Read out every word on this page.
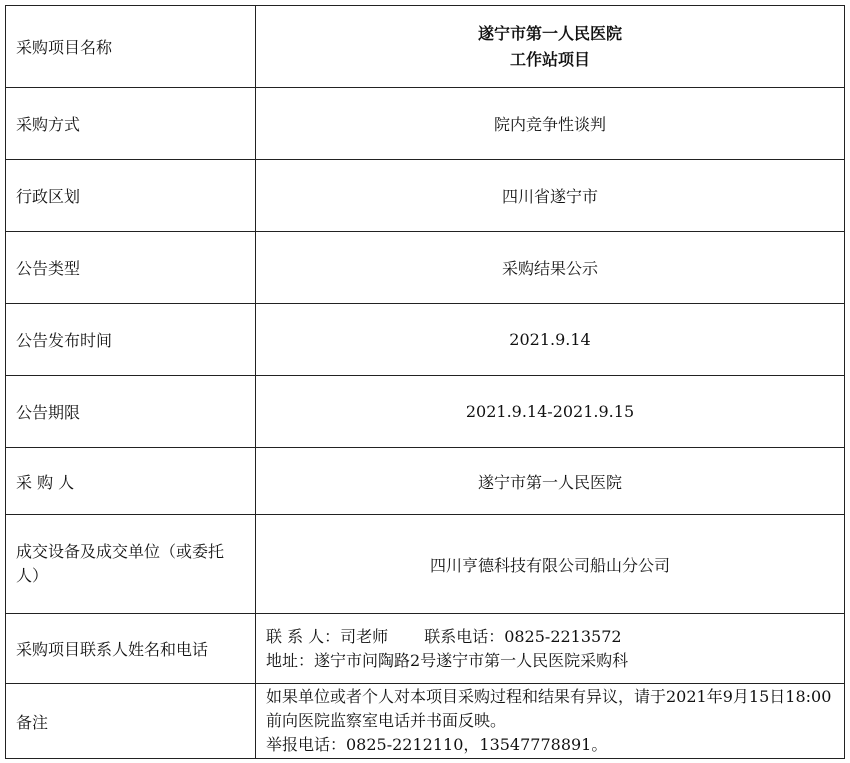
采购项目名称	遂宁市第一人民医院
工作站项目

采购方式	院内竞争性谈判
行政区划	四川省遂宁市
公告类型	采购结果公示
公告发布时间	2021.9.14
公告期限	2021.9.14-2021.9.15
采 购 人	遂宁市第一人民医院
成交设备及成交单位（或委托人）	四川亨德科技有限公司船山分公司
采购项目联系人姓名和电话	联 系 人：司老师 联系电话：0825-2213572
地址：遂宁市问陶路2号遂宁市第一人民医院采购科

备注	如果单位或者个人对本项目采购过程和结果有异议，请于2021年9月15日18:00前向医院监察室电话并书面反映。
举报电话：0825-2212110，13547778891。
